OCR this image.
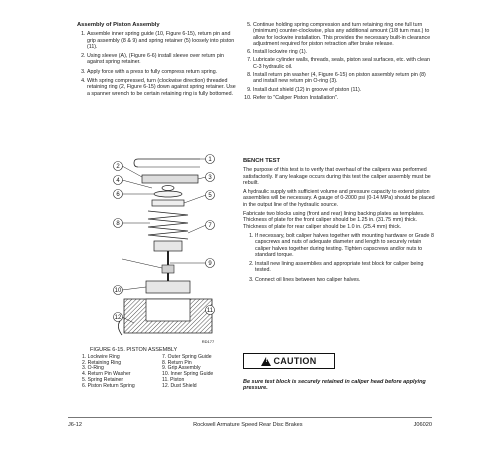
Assembly of Piston Assembly
1. Assemble inner spring guide (10, Figure 6-15), return pin and grip assembly (8 & 9) and spring retainer (5) loosely into piston (11).
2. Using sleeve (A), (Figure 6-6) install sleeve over return pin against spring retainer.
3. Apply force with a press to fully compress return spring.
4. With spring compressed, turn (clockwise direction) threaded retaining ring (2, Figure 6-15) down against spring retainer. Use a spanner wrench to be certain retaining ring is fully bottomed.
5. Continue holding spring compression and turn retaining ring one full turn (minimum) counter-clockwise, plus any additional amount (1/8 turn max.) to allow for lockwire installation. This provides the necessary built-in clearance adjustment required for piston retraction after brake release.
6. Install lockwire ring (1).
7. Lubricate cylinder walls, threads, seals, piston seal surfaces, etc. with clean C-3 hydraulic oil.
8. Install return pin washer (4, Figure 6-15) on piston assembly return pin (8) and install new return pin O-ring (3).
9. Install dust shield (12) in groove of piston (11).
10. Refer to "Caliper Piston Installation".
1
2
3
4
5
6
7
8
9
10
11
12
RD177
FIGURE 6-15. PISTON ASSEMBLY
1. Lockwire Ring	7. Outer Spring Guide
2. Retaining Ring	8. Return Pin
3. O-Ring	9. Grip Assembly
4. Return Pin Washer	10. Inner Spring Guide
5. Spring Retainer	11. Piston
6. Piston Return Spring	12. Dust Shield
BENCH TEST

The purpose of this test is to verify that overhaul of the calipers was performed satisfactorily. If any leakage occurs during this test the caliper assembly must be rebuilt.

A hydraulic supply with sufficient volume and pressure capacity to extend piston assemblies will be necessary. A gauge of 0-2000 psi (0-14 MPa) should be placed in the output line of the hydraulic source.

Fabricate two blocks using (front and rear) lining backing plates as templates. Thickness of plate for the front caliper should be 1.25 in. (31.75 mm) thick. Thickness of plate for rear caliper should be 1.0 in. (25.4 mm) thick.

1. If necessary, bolt caliper halves together with mounting hardware or Grade 8 capscrews and nuts of adequate diameter and length to securely retain caliper halves together during testing. Tighten capscrews and/or nuts to standard torque.
2. Install new lining assemblies and appropriate test block for caliper being tested.
3. Connect oil lines between two caliper halves.
! CAUTION
Be sure test block is securely retained in caliper head before applying pressure.
J6-12	Rockwell Armature Speed Rear Disc Brakes	J06020
